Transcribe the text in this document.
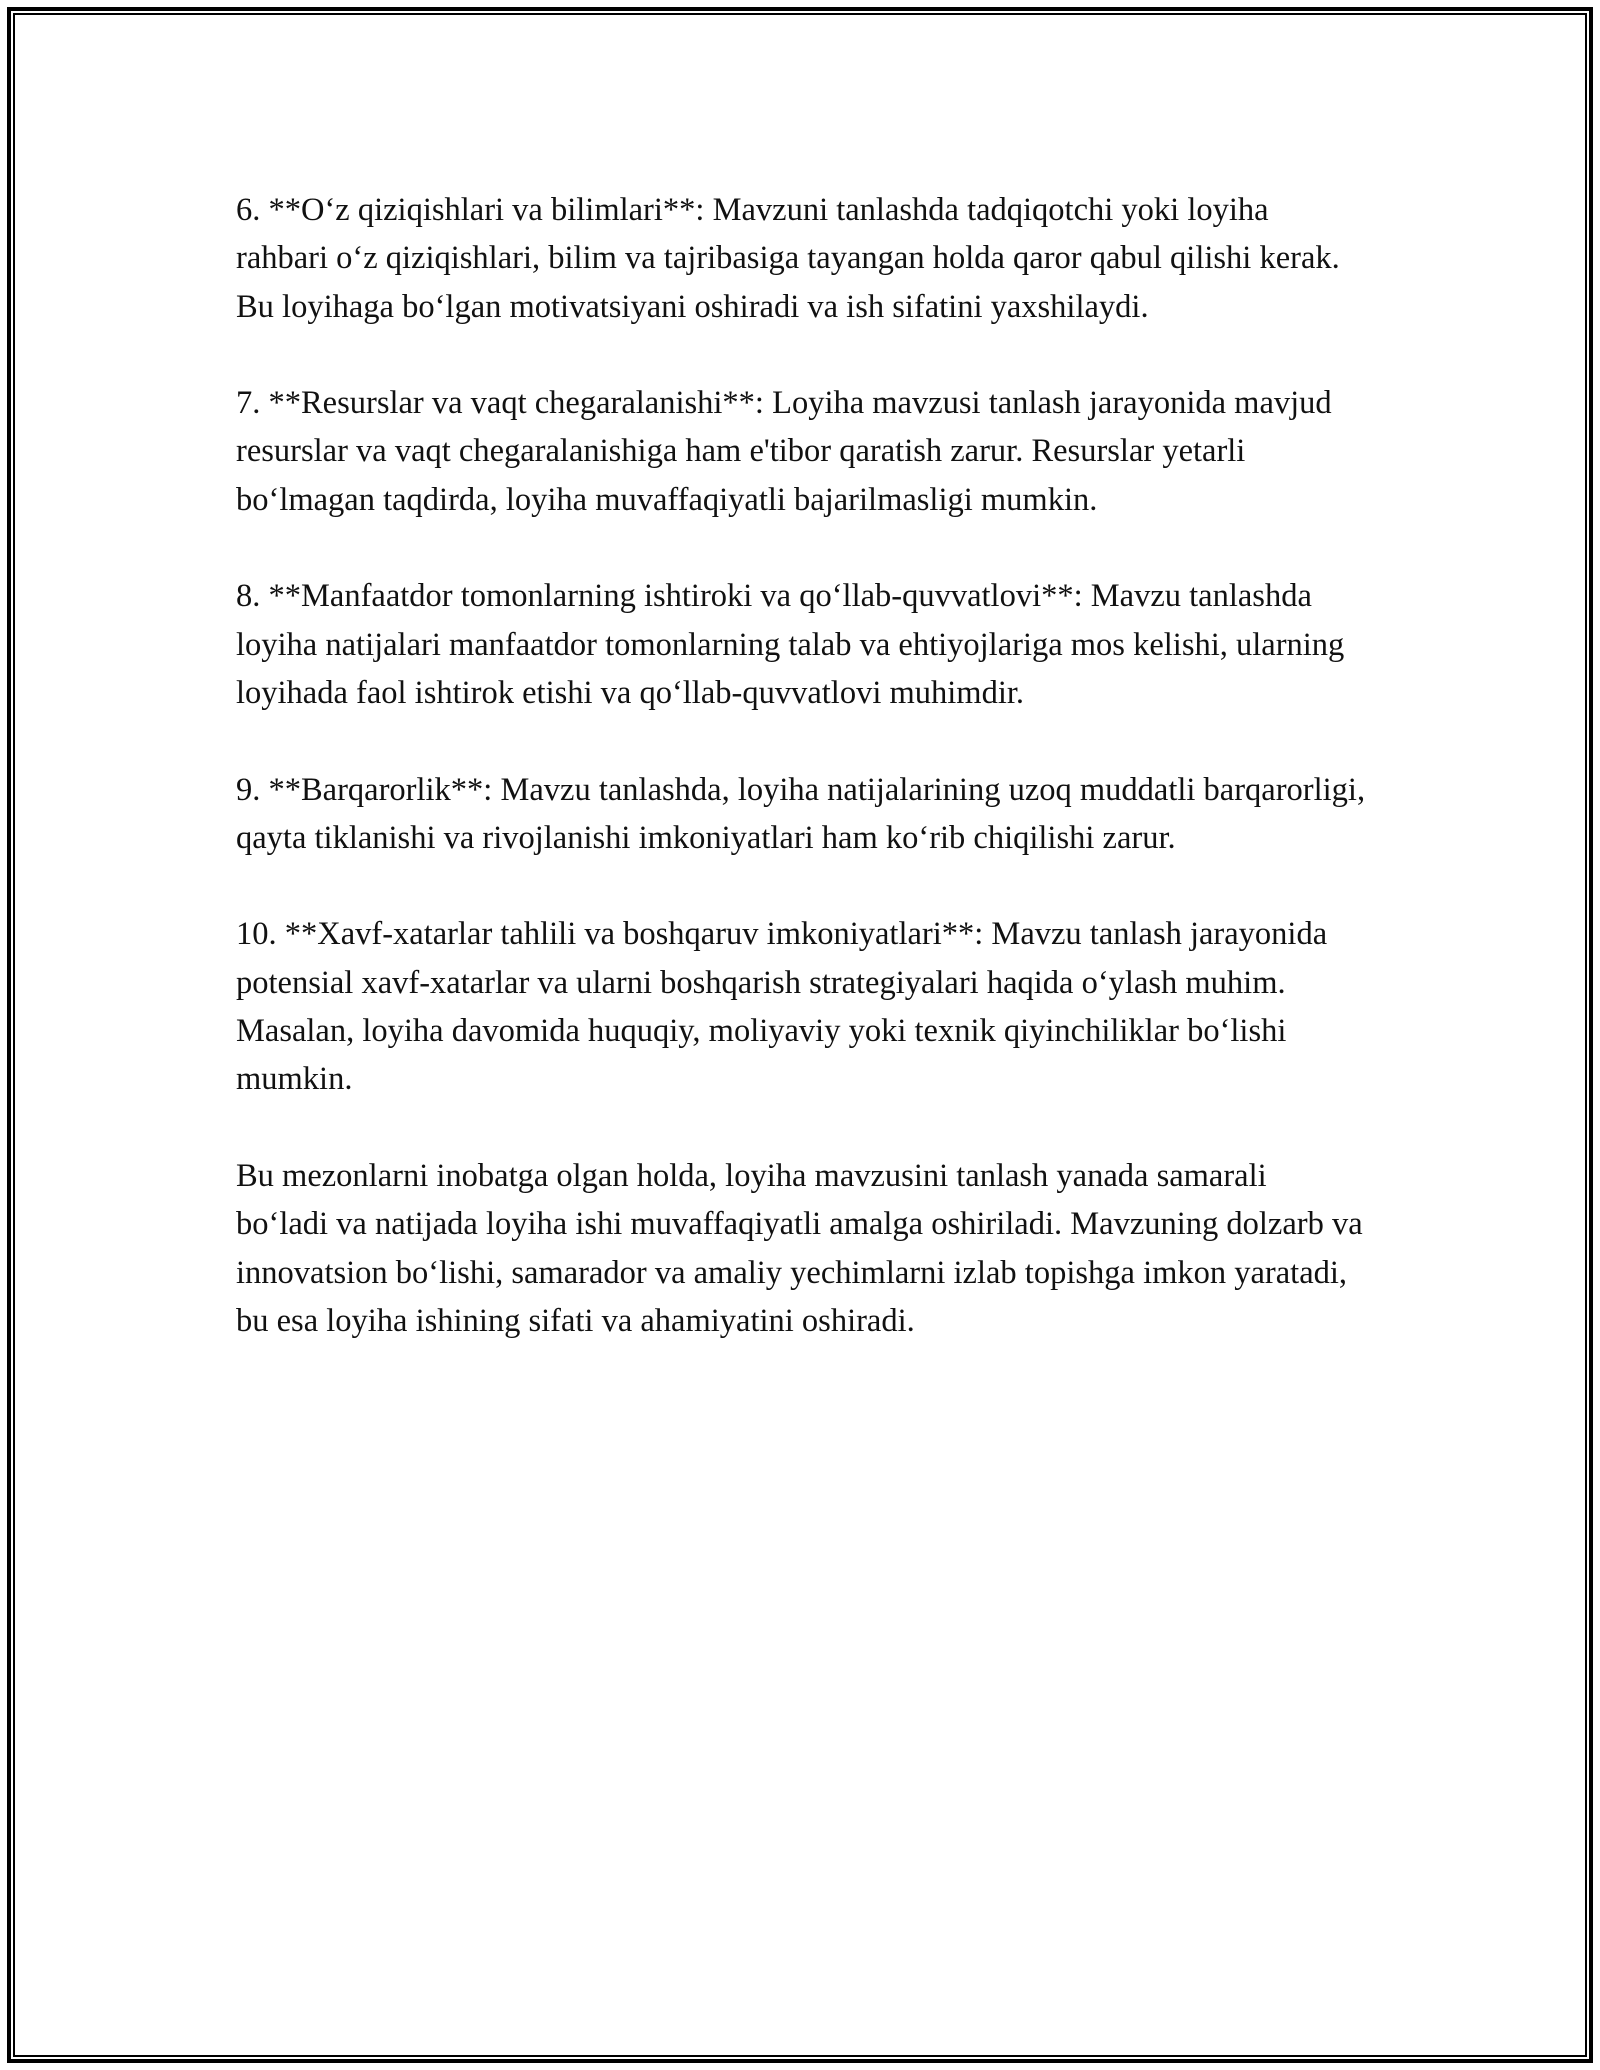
6. **O‘z qiziqishlari va bilimlari**: Mavzuni tanlashda tadqiqotchi yoki loyiha rahbari o‘z qiziqishlari, bilim va tajribasiga tayangan holda qaror qabul qilishi kerak. Bu loyihaga bo‘lgan motivatsiyani oshiradi va ish sifatini yaxshilaydi.

7. **Resurslar va vaqt chegaralanishi**: Loyiha mavzusi tanlash jarayonida mavjud resurslar va vaqt chegaralanishiga ham e'tibor qaratish zarur. Resurslar yetarli bo‘lmagan taqdirda, loyiha muvaffaqiyatli bajarilmasligi mumkin.

8. **Manfaatdor tomonlarning ishtiroki va qo‘llab-quvvatlovi**: Mavzu tanlashda loyiha natijalari manfaatdor tomonlarning talab va ehtiyojlariga mos kelishi, ularning loyihada faol ishtirok etishi va qo‘llab-quvvatlovi muhimdir.

9. **Barqarorlik**: Mavzu tanlashda, loyiha natijalarining uzoq muddatli barqarorligi, qayta tiklanishi va rivojlanishi imkoniyatlari ham ko‘rib chiqilishi zarur.

10. **Xavf-xatarlar tahlili va boshqaruv imkoniyatlari**: Mavzu tanlash jarayonida potensial xavf-xatarlar va ularni boshqarish strategiyalari haqida o‘ylash muhim. Masalan, loyiha davomida huquqiy, moliyaviy yoki texnik qiyinchiliklar bo‘lishi mumkin.

Bu mezonlarni inobatga olgan holda, loyiha mavzusini tanlash yanada samarali bo‘ladi va natijada loyiha ishi muvaffaqiyatli amalga oshiriladi. Mavzuning dolzarb va innovatsion bo‘lishi, samarador va amaliy yechimlarni izlab topishga imkon yaratadi, bu esa loyiha ishining sifati va ahamiyatini oshiradi.
